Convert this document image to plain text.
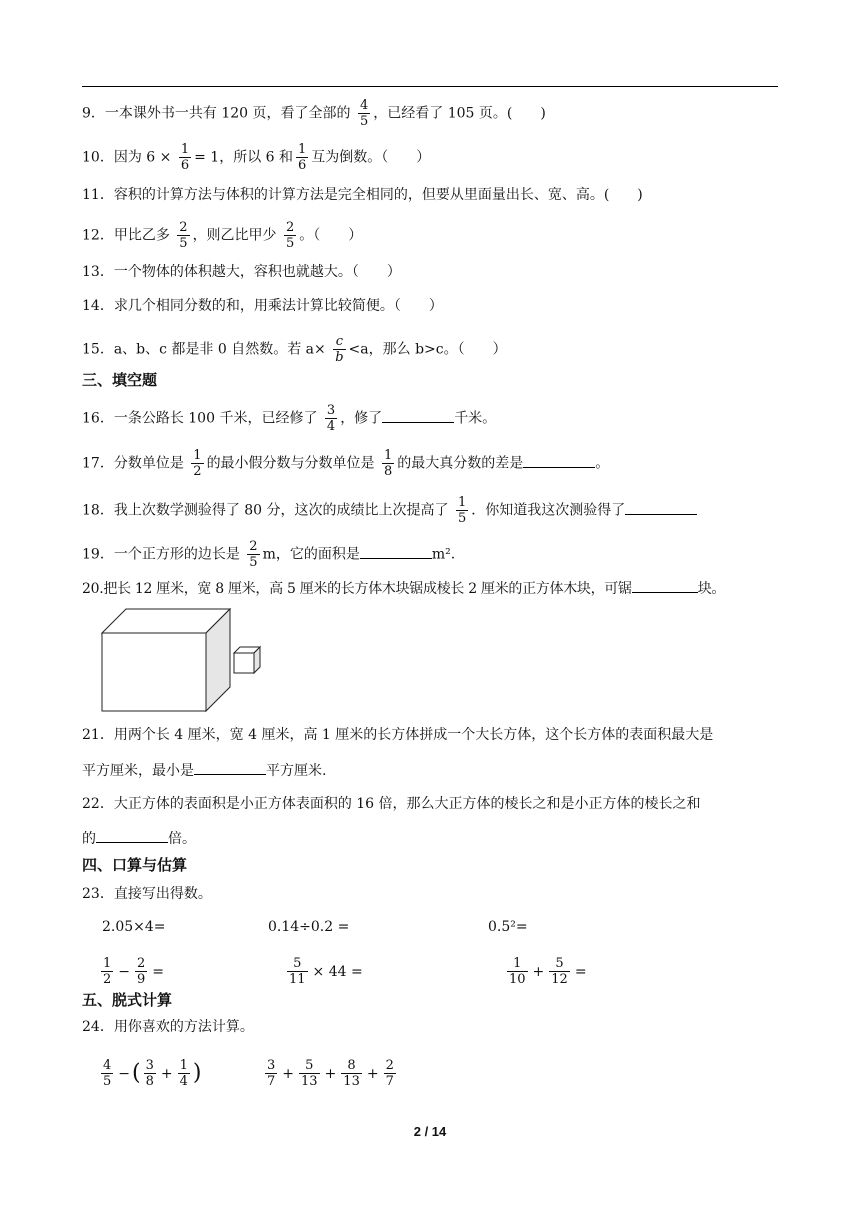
9．一本课外书一共有 120 页，看了全部的 $\frac{4}{5}$ ，已经看了 105 页。(　　)
10．因为 $6 \times \frac{1}{6} = 1$，所以 6 和 $\frac{1}{6}$ 互为倒数。（　　）
11．容积的计算方法与体积的计算方法是完全相同的，但要从里面量出长、宽、高。(　　)
12．甲比乙多 $\frac{2}{5}$ ，则乙比甲少 $\frac{2}{5}$ 。（　　）
13．一个物体的体积越大，容积也就越大。（　　）
14．求几个相同分数的和，用乘法计算比较简便。（　　）
15．a、b、c 都是非 0 自然数。若 $a\times \frac{c}{b} <a$，那么 b>c。（　　）
三、填空题
16．一条公路长 100 千米，已经修了 $\frac{3}{4}$ ，修了	千米。
17．分数单位是 $\frac{1}{2}$ 的最小假分数与分数单位是 $\frac{1}{8}$ 的最大真分数的差是	。
18．我上次数学测验得了 80 分，这次的成绩比上次提高了 $\frac{1}{5}$ ．你知道我这次测验得了
19．一个正方形的边长是 $\frac{2}{5}$ m，它的面积是	m².
20.把长 12 厘米，宽 8 厘米，高 5 厘米的长方体木块锯成棱长 2 厘米的正方体木块，可锯	块。
21．用两个长 4 厘米，宽 4 厘米，高 1 厘米的长方体拼成一个大长方体，这个长方体的表面积最大是
平方厘米，最小是	平方厘米.
22．大正方体的表面积是小正方体表面积的 16 倍，那么大正方体的棱长之和是小正方体的棱长之和
的	倍。
四、口算与估算
23．直接写出得数。
2.05×4=	0.14÷0.2 =	0.5²=
$\frac{1}{2} - \frac{2}{9}$ =	$\frac{5}{11} \times 44$ =	$\frac{1}{10} + \frac{5}{12}$ =
五、脱式计算
24．用你喜欢的方法计算。
$\frac{4}{5}$ −( $\frac{3}{8} + \frac{1}{4}$ )	$\frac{3}{7} + \frac{5}{13} + \frac{8}{13} + \frac{2}{7}$
2 / 14
